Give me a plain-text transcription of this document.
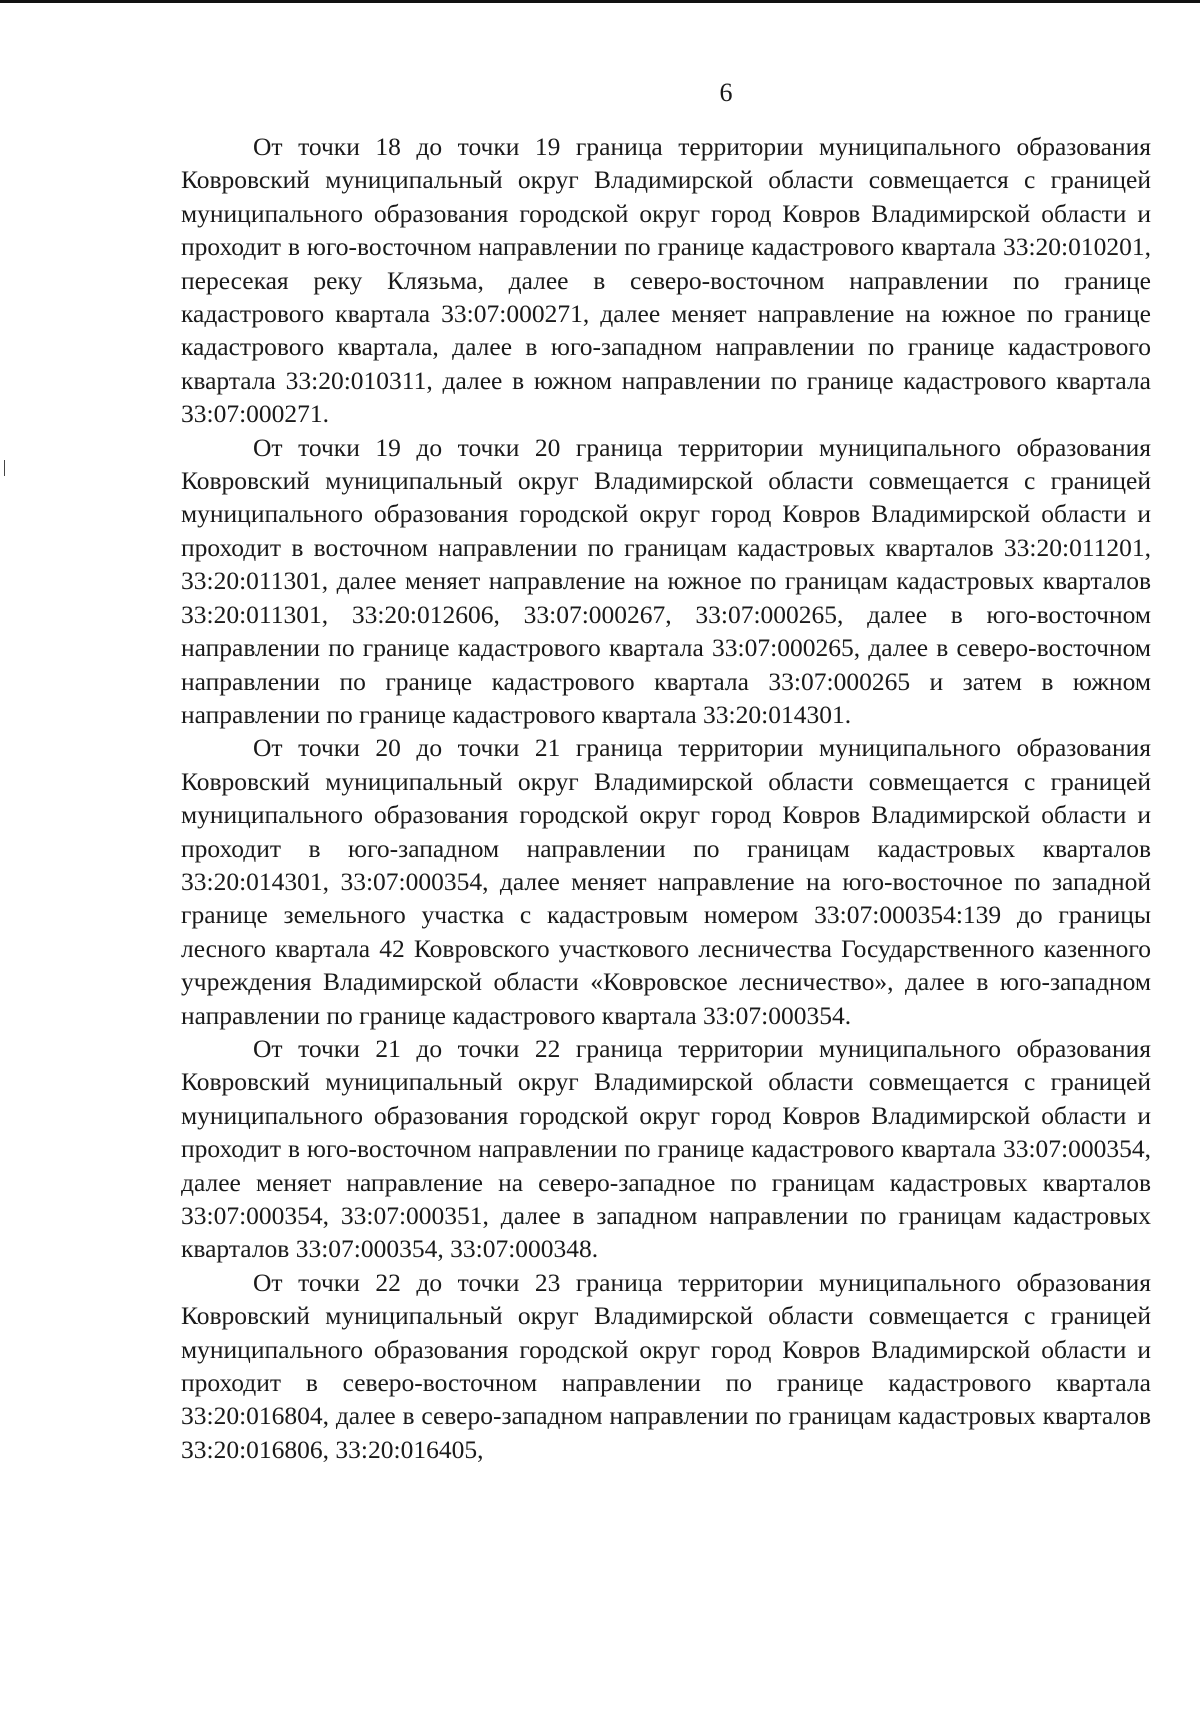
6

От точки 18 до точки 19 граница территории муниципального образования Ковровский муниципальный округ Владимирской области совмещается с границей муниципального образования городской округ город Ковров Владимирской области и проходит в юго-восточном направлении по границе кадастрового квартала 33:20:010201, пересекая реку Клязьма, далее в северо-восточном направлении по границе кадастрового квартала 33:07:000271, далее меняет направление на южное по границе кадастрового квартала, далее в юго-западном направлении по границе кадастрового квартала 33:20:010311, далее в южном направлении по границе кадастрового квартала 33:07:000271.

От точки 19 до точки 20 граница территории муниципального образования Ковровский муниципальный округ Владимирской области совмещается с границей муниципального образования городской округ город Ковров Владимирской области и проходит в восточном направлении по границам кадастровых кварталов 33:20:011201, 33:20:011301, далее меняет направление на южное по границам кадастровых кварталов 33:20:011301, 33:20:012606, 33:07:000267, 33:07:000265, далее в юго-восточном направлении по границе кадастрового квартала 33:07:000265, далее в северо-восточном направлении по границе кадастрового квартала 33:07:000265 и затем в южном направлении по границе кадастрового квартала 33:20:014301.

От точки 20 до точки 21 граница территории муниципального образования Ковровский муниципальный округ Владимирской области совмещается с границей муниципального образования городской округ город Ковров Владимирской области и проходит в юго-западном направлении по границам кадастровых кварталов 33:20:014301, 33:07:000354, далее меняет направление на юго-восточное по западной границе земельного участка с кадастровым номером 33:07:000354:139 до границы лесного квартала 42 Ковровского участкового лесничества Государственного казенного учреждения Владимирской области «Ковровское лесничество», далее в юго-западном направлении по границе кадастрового квартала 33:07:000354.

От точки 21 до точки 22 граница территории муниципального образования Ковровский муниципальный округ Владимирской области совмещается с границей муниципального образования городской округ город Ковров Владимирской области и проходит в юго-восточном направлении по границе кадастрового квартала 33:07:000354, далее меняет направление на северо-западное по границам кадастровых кварталов 33:07:000354, 33:07:000351, далее в западном направлении по границам кадастровых кварталов 33:07:000354, 33:07:000348.

От точки 22 до точки 23 граница территории муниципального образования Ковровский муниципальный округ Владимирской области совмещается с границей муниципального образования городской округ город Ковров Владимирской области и проходит в северо-восточном направлении по границе кадастрового квартала 33:20:016804, далее в северо-западном направлении по границам кадастровых кварталов 33:20:016806, 33:20:016405,
